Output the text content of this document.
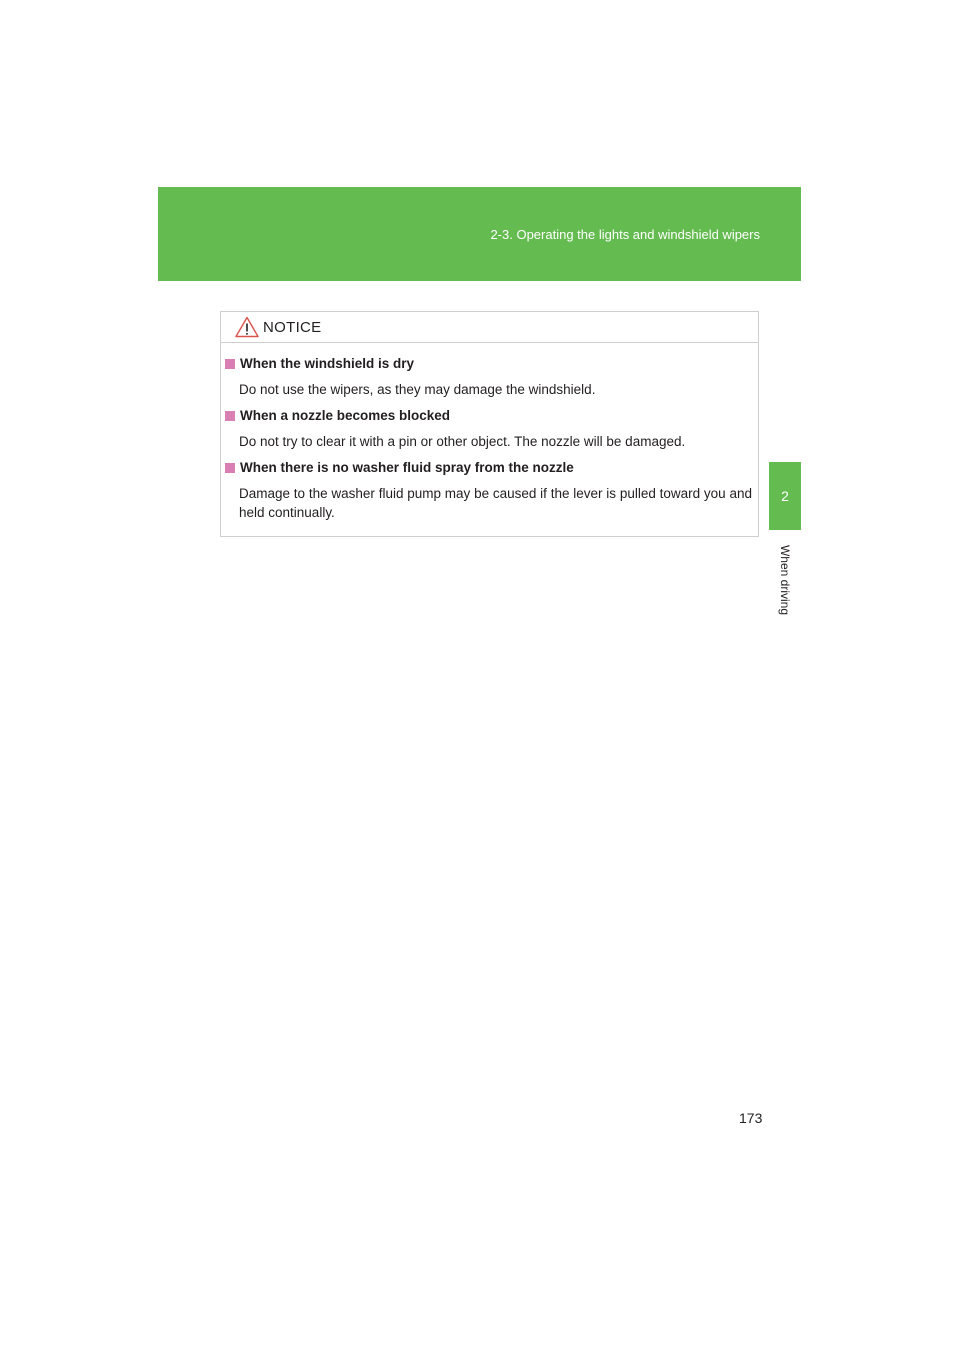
2-3. Operating the lights and windshield wipers
2
When driving
NOTICE
When the windshield is dry
Do not use the wipers, as they may damage the windshield.
When a nozzle becomes blocked
Do not try to clear it with a pin or other object. The nozzle will be damaged.
When there is no washer fluid spray from the nozzle
Damage to the washer fluid pump may be caused if the lever is pulled toward you and held continually.
173
